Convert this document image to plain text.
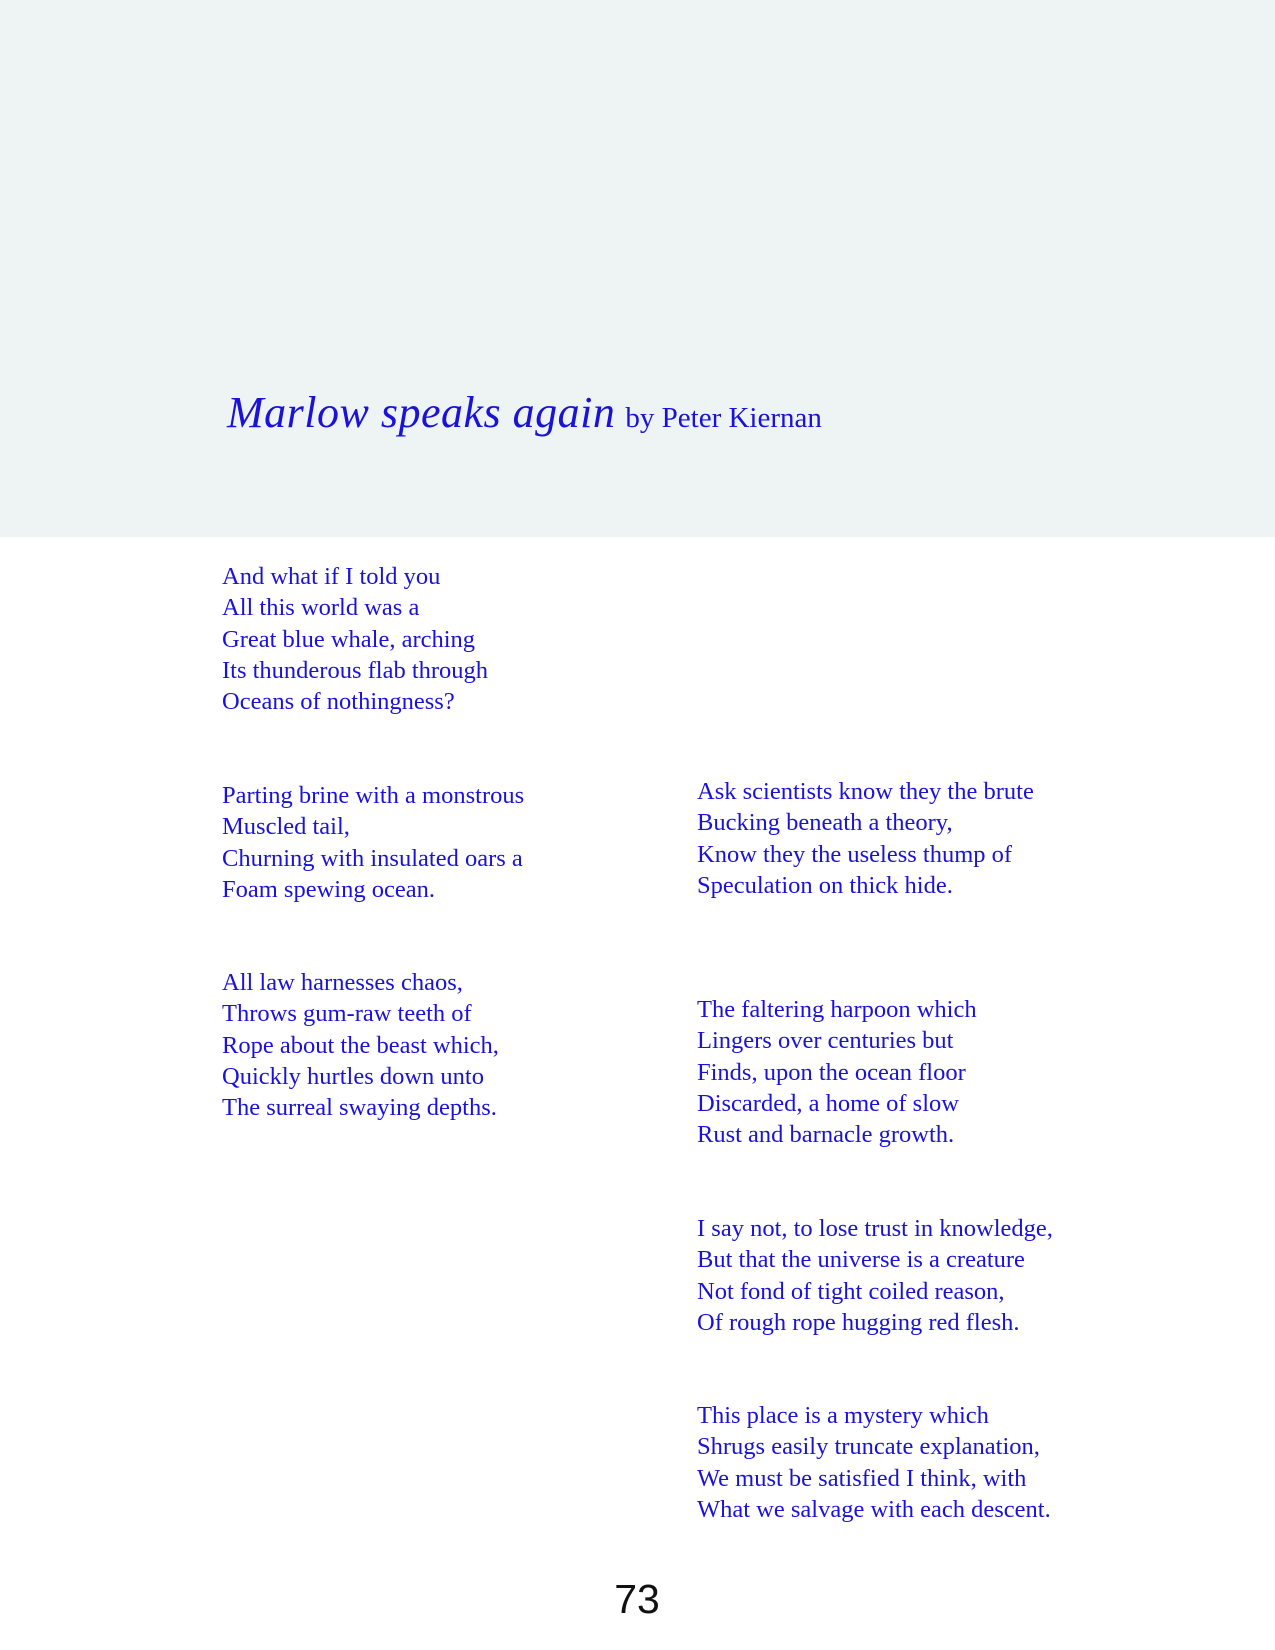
Marlow speaks again by Peter Kiernan
And what if I told you
All this world was a
Great blue whale, arching
Its thunderous flab through
Oceans of nothingness?
Parting brine with a monstrous
Muscled tail,
Churning with insulated oars a
Foam spewing ocean.
All law harnesses chaos,
Throws gum-raw teeth of
Rope about the beast which,
Quickly hurtles down unto
The surreal swaying depths.
Ask scientists know they the brute
Bucking beneath a theory,
Know they the useless thump of
Speculation on thick hide.
The faltering harpoon which
Lingers over centuries but
Finds, upon the ocean floor
Discarded, a home of slow
Rust and barnacle growth.
I say not, to lose trust in knowledge,
But that the universe is a creature
Not fond of tight coiled reason,
Of rough rope hugging red flesh.
This place is a mystery which
Shrugs easily truncate explanation,
We must be satisfied I think, with
What we salvage with each descent.
73
